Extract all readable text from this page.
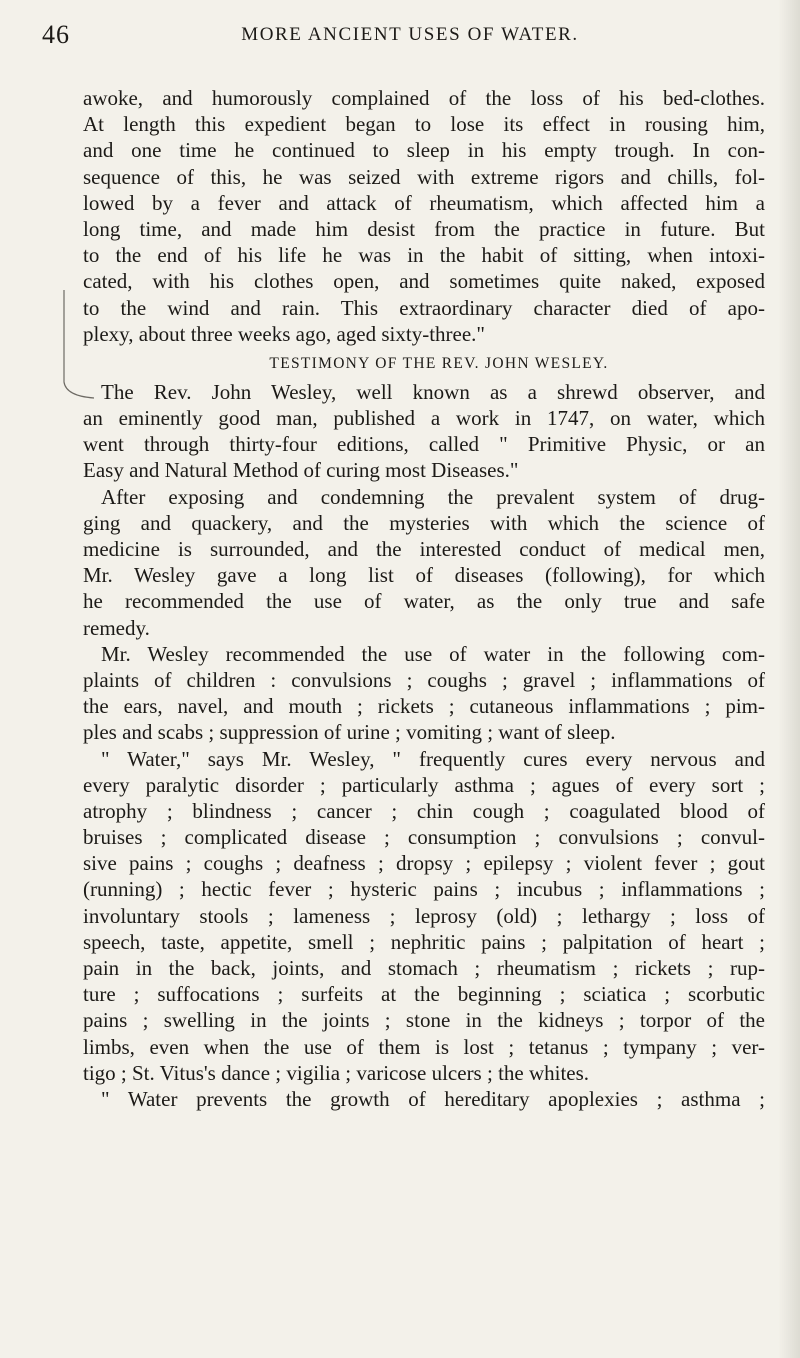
46	MORE ANCIENT USES OF WATER.
awoke, and humorously complained of the loss of his bed-clothes.
At length this expedient began to lose its effect in rousing him,
and one time he continued to sleep in his empty trough. In con-
sequence of this, he was seized with extreme rigors and chills, fol-
lowed by a fever and attack of rheumatism, which affected him a
long time, and made him desist from the practice in future. But
to the end of his life he was in the habit of sitting, when intoxi-
cated, with his clothes open, and sometimes quite naked, exposed
to the wind and rain. This extraordinary character died of apo-
plexy, about three weeks ago, aged sixty-three."
TESTIMONY OF THE REV. JOHN WESLEY.
The Rev. John Wesley, well known as a shrewd observer, and
an eminently good man, published a work in 1747, on water, which
went through thirty-four editions, called " Primitive Physic, or an
Easy and Natural Method of curing most Diseases."
After exposing and condemning the prevalent system of drug-
ging and quackery, and the mysteries with which the science of
medicine is surrounded, and the interested conduct of medical men,
Mr. Wesley gave a long list of diseases (following), for which
he recommended the use of water, as the only true and safe
remedy.
Mr. Wesley recommended the use of water in the following com-
plaints of children : convulsions ; coughs ; gravel ; inflammations of
the ears, navel, and mouth ; rickets ; cutaneous inflammations ; pim-
ples and scabs ; suppression of urine ; vomiting ; want of sleep.
" Water," says Mr. Wesley, " frequently cures every nervous and
every paralytic disorder ; particularly asthma ; agues of every sort ;
atrophy ; blindness ; cancer ; chin cough ; coagulated blood of
bruises ; complicated disease ; consumption ; convulsions ; convul-
sive pains ; coughs ; deafness ; dropsy ; epilepsy ; violent fever ; gout
(running) ; hectic fever ; hysteric pains ; incubus ; inflammations ;
involuntary stools ; lameness ; leprosy (old) ; lethargy ; loss of
speech, taste, appetite, smell ; nephritic pains ; palpitation of heart ;
pain in the back, joints, and stomach ; rheumatism ; rickets ; rup-
ture ; suffocations ; surfeits at the beginning ; sciatica ; scorbutic
pains ; swelling in the joints ; stone in the kidneys ; torpor of the
limbs, even when the use of them is lost ; tetanus ; tympany ; ver-
tigo ; St. Vitus's dance ; vigilia ; varicose ulcers ; the whites.
" Water prevents the growth of hereditary apoplexies ; asthma ;
